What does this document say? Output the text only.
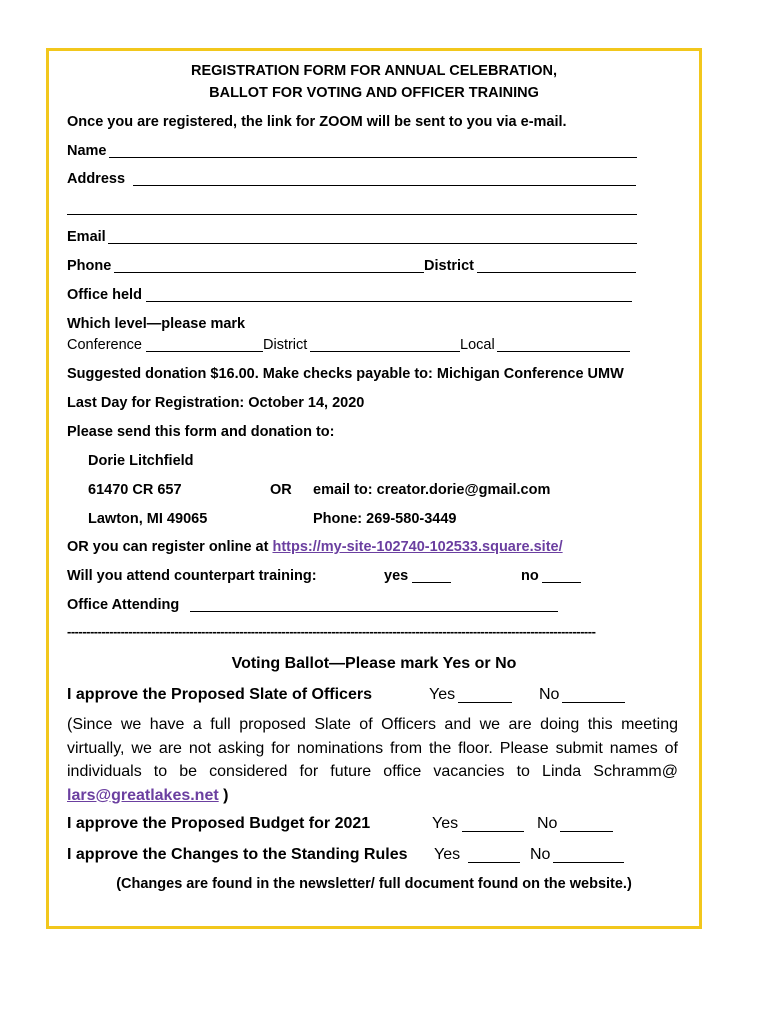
REGISTRATION FORM FOR ANNUAL CELEBRATION,
BALLOT FOR VOTING AND OFFICER TRAINING
Once you are registered, the link for ZOOM will be sent to you via e-mail.
Name
Address
Email
Phone	District
Office held
Which level—please mark
Conference	District	Local
Suggested donation $16.00. Make checks payable to: Michigan Conference UMW
Last Day for Registration: October 14, 2020
Please send this form and donation to:
Dorie Litchfield
61470 CR 657	OR email to: creator.dorie@gmail.com
Lawton, MI 49065	Phone: 269-580-3449
OR you can register online at https://my-site-102740-102533.square.site/
Will you attend counterpart training:	yes	no
Office Attending
------------------------------------------------------------------------------------------------------------------------------------------
Voting Ballot—Please mark Yes or No
I approve the Proposed Slate of Officers	Yes	No
(Since we have a full proposed Slate of Officers and we are doing this meeting virtually, we are not asking for nominations from the floor. Please submit names of individuals to be considered for future office vacancies to Linda Schramm@ lars@greatlakes.net )
I approve the Proposed Budget for 2021	Yes	No
I approve the Changes to the Standing Rules Yes	No
(Changes are found in the newsletter/ full document found on the website.)
